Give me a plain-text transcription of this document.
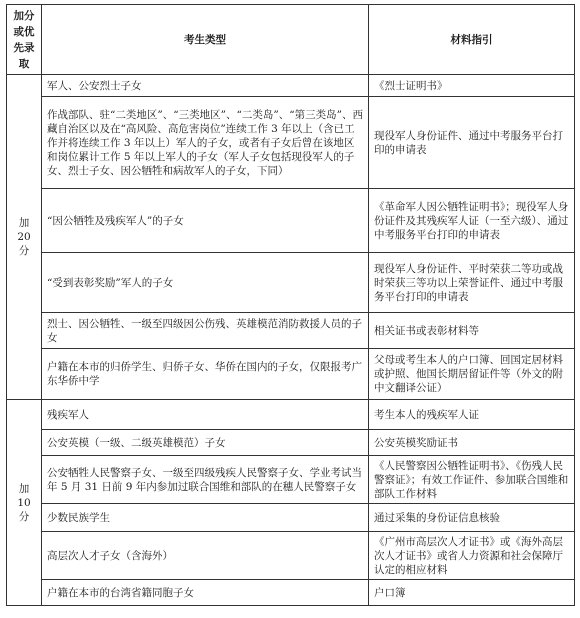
加分
或优
先录
取	考生类型	材料指引

加 20
分	军人、公安烈士子女	《烈士证明书》
	作战部队、驻“二类地区”、“三类地区”、“二类岛”、“第三类岛”、西藏自治区以及在“高风险、高危害岗位”连续工作 3 年以上（含已工作并将连续工作 3 年以上）军人的子女，或者有子女后曾在该地区和岗位累计工作 5 年以上军人的子女（军人子女包括现役军人的子女、烈士子女、因公牺牲和病故军人的子女，下同）	现役军人身份证件、通过中考服务平台打印的申请表
	“因公牺牲及残疾军人”的子女	《革命军人因公牺牲证明书》；现役军人身份证件及其残疾军人证（一至六级）、通过中考服务平台打印的申请表
	“受到表彰奖励”军人的子女	现役军人身份证件、平时荣获二等功或战时荣获三等功以上荣誉证件、通过中考服务平台打印的申请表
	烈士、因公牺牲、一级至四级因公伤残、英雄模范消防救援人员的子女	相关证书或表彰材料等
	户籍在本市的归侨学生、归侨子女、华侨在国内的子女，仅限报考广东华侨中学	父母或考生本人的户口簿、回国定居材料或护照、他国长期居留证件等（外文的附中文翻译公证）

加　10
分	残疾军人	考生本人的残疾军人证
	公安英模（一级、二级英雄模范）子女	公安英模奖励证书
	公安牺牲人民警察子女、一级至四级残疾人民警察子女、学业考试当年 5 月 31 日前 9 年内参加过联合国维和部队的在穗人民警察子女	《人民警察因公牺牲证明书》、《伤残人民警察证》；有效工作证件、参加联合国维和部队工作材料
	少数民族学生	通过采集的身份证信息核验
	高层次人才子女（含海外）	《广州市高层次人才证书》或《海外高层次人才证书》或省人力资源和社会保障厅认定的相应材料
	户籍在本市的台湾省籍同胞子女	户口簿
